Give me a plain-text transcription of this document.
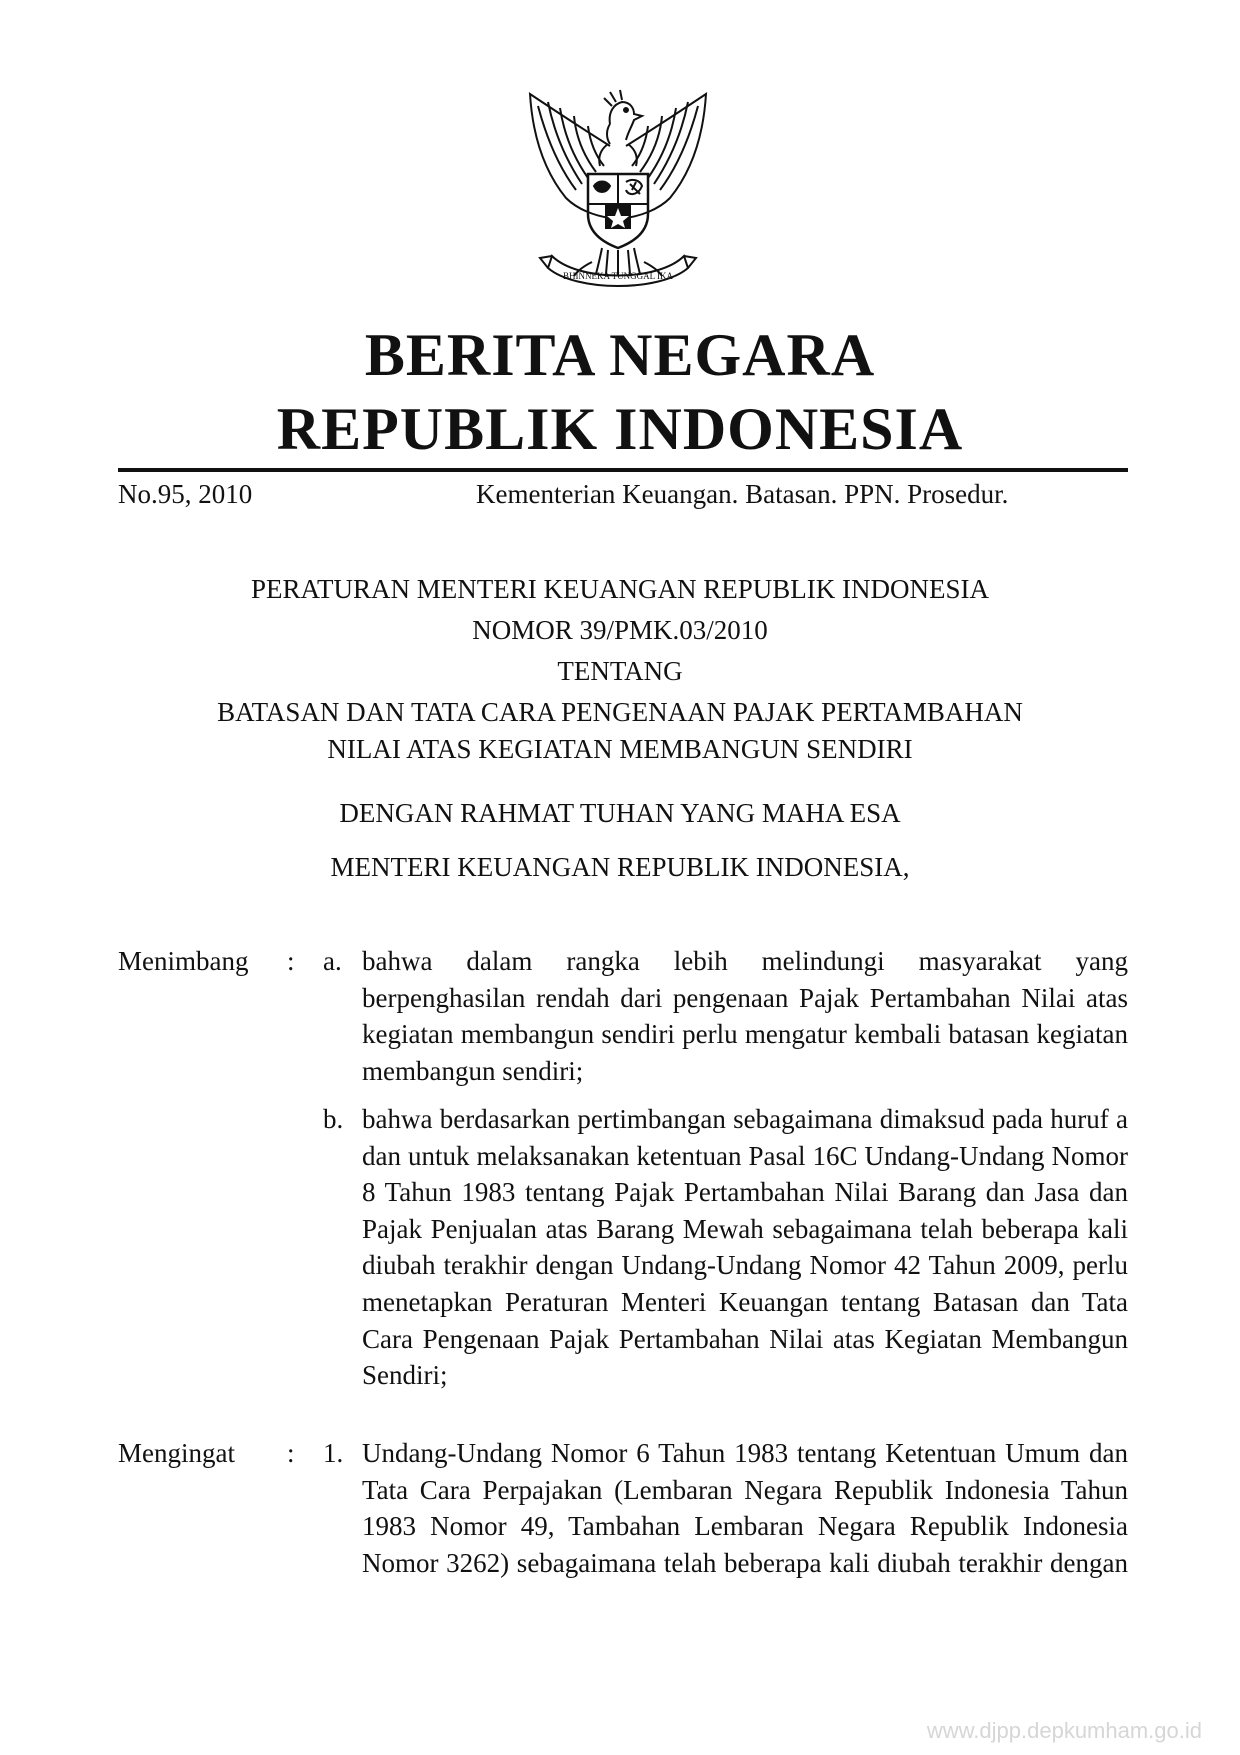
BHINNEKA TUNGGAL IKA
BERITA NEGARA
REPUBLIK INDONESIA
No.95, 2010	Kementerian Keuangan. Batasan. PPN. Prosedur.
PERATURAN MENTERI KEUANGAN REPUBLIK INDONESIA
NOMOR 39/PMK.03/2010
TENTANG
BATASAN DAN TATA CARA PENGENAAN PAJAK PERTAMBAHAN
NILAI ATAS KEGIATAN MEMBANGUN SENDIRI
DENGAN RAHMAT TUHAN YANG MAHA ESA
MENTERI KEUANGAN REPUBLIK INDONESIA,
Menimbang : a. bahwa dalam rangka lebih melindungi masyarakat yang berpenghasilan rendah dari pengenaan Pajak Pertambahan Nilai atas kegiatan membangun sendiri perlu mengatur kembali batasan kegiatan membangun sendiri;
b. bahwa berdasarkan pertimbangan sebagaimana dimaksud pada huruf a dan untuk melaksanakan ketentuan Pasal 16C Undang-Undang Nomor 8 Tahun 1983 tentang Pajak Pertambahan Nilai Barang dan Jasa dan Pajak Penjualan atas Barang Mewah sebagaimana telah beberapa kali diubah terakhir dengan Undang-Undang Nomor 42 Tahun 2009, perlu menetapkan Peraturan Menteri Keuangan tentang Batasan dan Tata Cara Pengenaan Pajak Pertambahan Nilai atas Kegiatan Membangun Sendiri;
Mengingat : 1. Undang-Undang Nomor 6 Tahun 1983 tentang Ketentuan Umum dan Tata Cara Perpajakan (Lembaran Negara Republik Indonesia Tahun 1983 Nomor 49, Tambahan Lembaran Negara Republik Indonesia Nomor 3262) sebagaimana telah beberapa kali diubah terakhir dengan
www.djpp.depkumham.go.id
